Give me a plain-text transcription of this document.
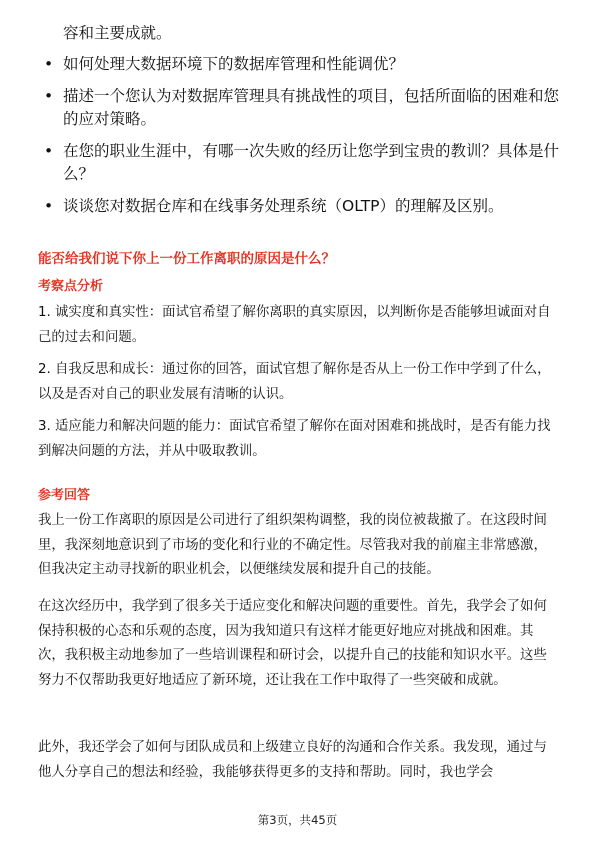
容和主要成就。
• 如何处理大数据环境下的数据库管理和性能调优？
• 描述一个您认为对数据库管理具有挑战性的项目，包括所面临的困难和您的应对策略。
• 在您的职业生涯中，有哪一次失败的经历让您学到宝贵的教训？具体是什么？
• 谈谈您对数据仓库和在线事务处理系统（OLTP）的理解及区别。
能否给我们说下你上一份工作离职的原因是什么？
考察点分析
1. 诚实度和真实性：面试官希望了解你离职的真实原因，以判断你是否能够坦诚面对自己的过去和问题。
2. 自我反思和成长：通过你的回答，面试官想了解你是否从上一份工作中学到了什么，以及是否对自己的职业发展有清晰的认识。
3. 适应能力和解决问题的能力：面试官希望了解你在面对困难和挑战时，是否有能力找到解决问题的方法，并从中吸取教训。
参考回答
我上一份工作离职的原因是公司进行了组织架构调整，我的岗位被裁撤了。在这段时间里，我深刻地意识到了市场的变化和行业的不确定性。尽管我对我的前雇主非常感激，但我决定主动寻找新的职业机会，以便继续发展和提升自己的技能。
在这次经历中，我学到了很多关于适应变化和解决问题的重要性。首先，我学会了如何保持积极的心态和乐观的态度，因为我知道只有这样才能更好地应对挑战和困难。其次，我积极主动地参加了一些培训课程和研讨会，以提升自己的技能和知识水平。这些努力不仅帮助我更好地适应了新环境，还让我在工作中取得了一些突破和成就。
此外，我还学会了如何与团队成员和上级建立良好的沟通和合作关系。我发现，通过与他人分享自己的想法和经验，我能够获得更多的支持和帮助。同时，我也学会
第3页，共45页
